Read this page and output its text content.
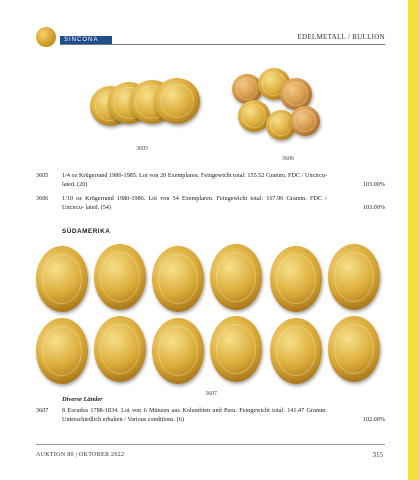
SINCONA	EDELMETALL / BULLION
3605
3606
3605 1/4 oz Krügerrand 1980-1985. Lot von 20 Exemplaren. Feingewicht total: 155.52 Gramm. FDC / Uncircu- lated. (20)	103.00%
3606 1/10 oz Krügerrand 1980-1986. Lot von 54 Exemplaren. Feingewicht total: 167.96 Gramm. FDC / Uncircu- lated. (54)	103.00%
SÜDAMERIKA
3607
Diverse Länder
3607 8 Escudos 1788-1834. Lot von 6 Münzen aus Kolumbien und Peru. Feingewicht total: 141.47 Gramm. Unterschiedlich erhalten / Various conditions. (6)	102.00%
AUKTION 80 | OKTOBER 2022	315
